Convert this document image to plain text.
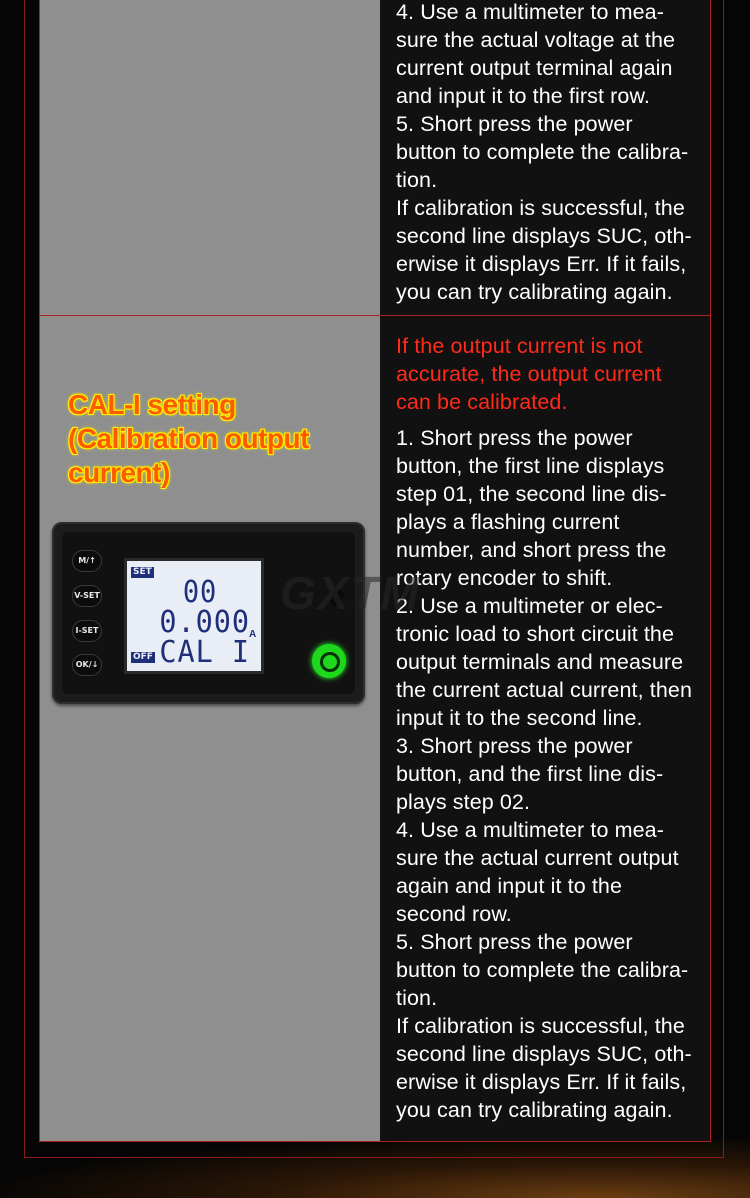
4. Use a multimeter to mea-
sure the actual voltage at the
current output terminal again
and input it to the first row.

5. Short press the power
button to complete the calibra-
tion.

If calibration is successful, the
second line displays SUC, oth-
erwise it displays Err. If it fails,
you can try calibrating again.

CAL-I setting
(Calibration output
current)
M/↑
V-SET
I-SET
OK/↓
SET
00
0.000 A
CAL I
OFF
GXTM

If the output current is not
accurate, the output current
can be calibrated.

1. Short press the power
button, the first line displays
step 01, the second line dis-
plays a flashing current
number, and short press the
rotary encoder to shift.

2. Use a multimeter or elec-
tronic load to short circuit the
output terminals and measure
the current actual current, then
input it to the second line.

3. Short press the power
button, and the first line dis-
plays step 02.

4. Use a multimeter to mea-
sure the actual current output
again and input it to the
second row.

5. Short press the power
button to complete the calibra-
tion.

If calibration is successful, the
second line displays SUC, oth-
erwise it displays Err. If it fails,
you can try calibrating again.
